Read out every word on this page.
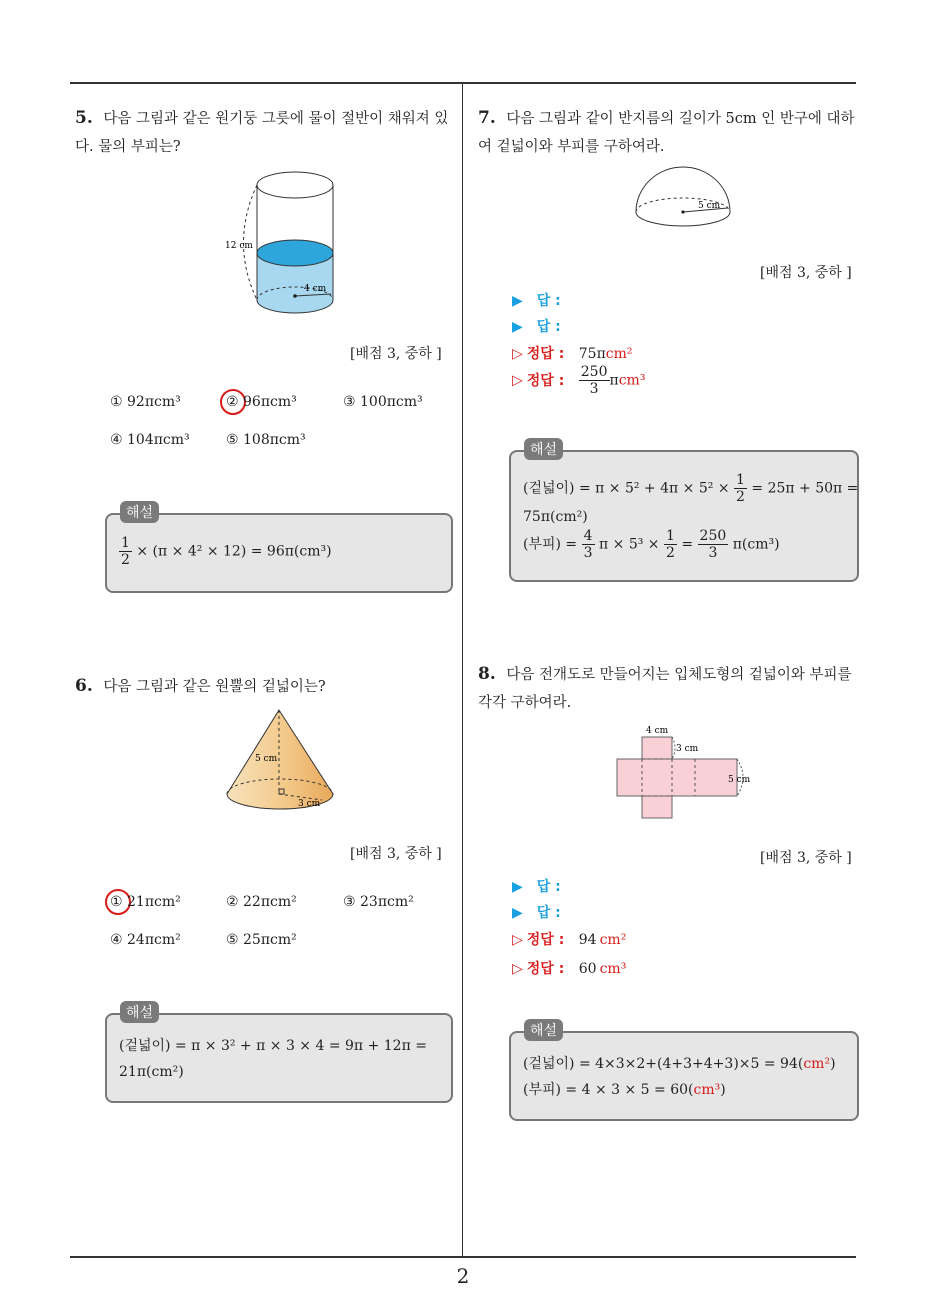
2
5. 다음 그림과 같은 원기둥 그릇에 물이 절반이 채워져 있다. 물의 부피는?
12 cm
4 cm
[배점 3, 중하 ]
① 92πcm³	② 96πcm³	③ 100πcm³
④ 104πcm³	⑤ 108πcm³
$\frac{1}{2} \times (\pi \times 4^2 \times 12) = 96\pi(cm^3)$
해설
6. 다음 그림과 같은 원뿔의 겉넓이는?
5 cm
3 cm
[배점 3, 중하 ]
① 21πcm²	② 22πcm²	③ 23πcm²
④ 24πcm²	⑤ 25πcm²
(겉넓이) = π × 3² + π × 3 × 4 = 9π + 12π =
21π(cm²)
해설
7. 다음 그림과 같이 반지름의 길이가 5cm 인 반구에 대하여 겉넓이와 부피를 구하여라.
5 cm
[배점 3, 중하 ]
▶ 답 :
▶ 답 :
▷ 정답 : 75πcm²
▷ 정답 : $\frac{250}{3} \pi cm^3$
(겉넓이) = $\pi \times 5^2 + 4\pi \times 5^2 \times \frac{1}{2} = 25\pi + 50\pi$ =
75π(cm²)
(부피) = $\frac{4}{3}$ $\pi \times 5^3 \times \frac{1}{2} = \frac{250}{3} \pi(cm^3)$
해설
8. 다음 전개도로 만들어지는 입체도형의 겉넓이와 부피를 각각 구하여라.
4 cm
3 cm
5 cm
[배점 3, 중하 ]
▶ 답 :
▶ 답 :
▷ 정답 : 94 cm²
▷ 정답 : 60 cm³
(겉넓이) = 4×3×2+(4+3+4+3)×5 = 94(cm²)
(부피) = 4 × 3 × 5 = 60(cm³)
해설
